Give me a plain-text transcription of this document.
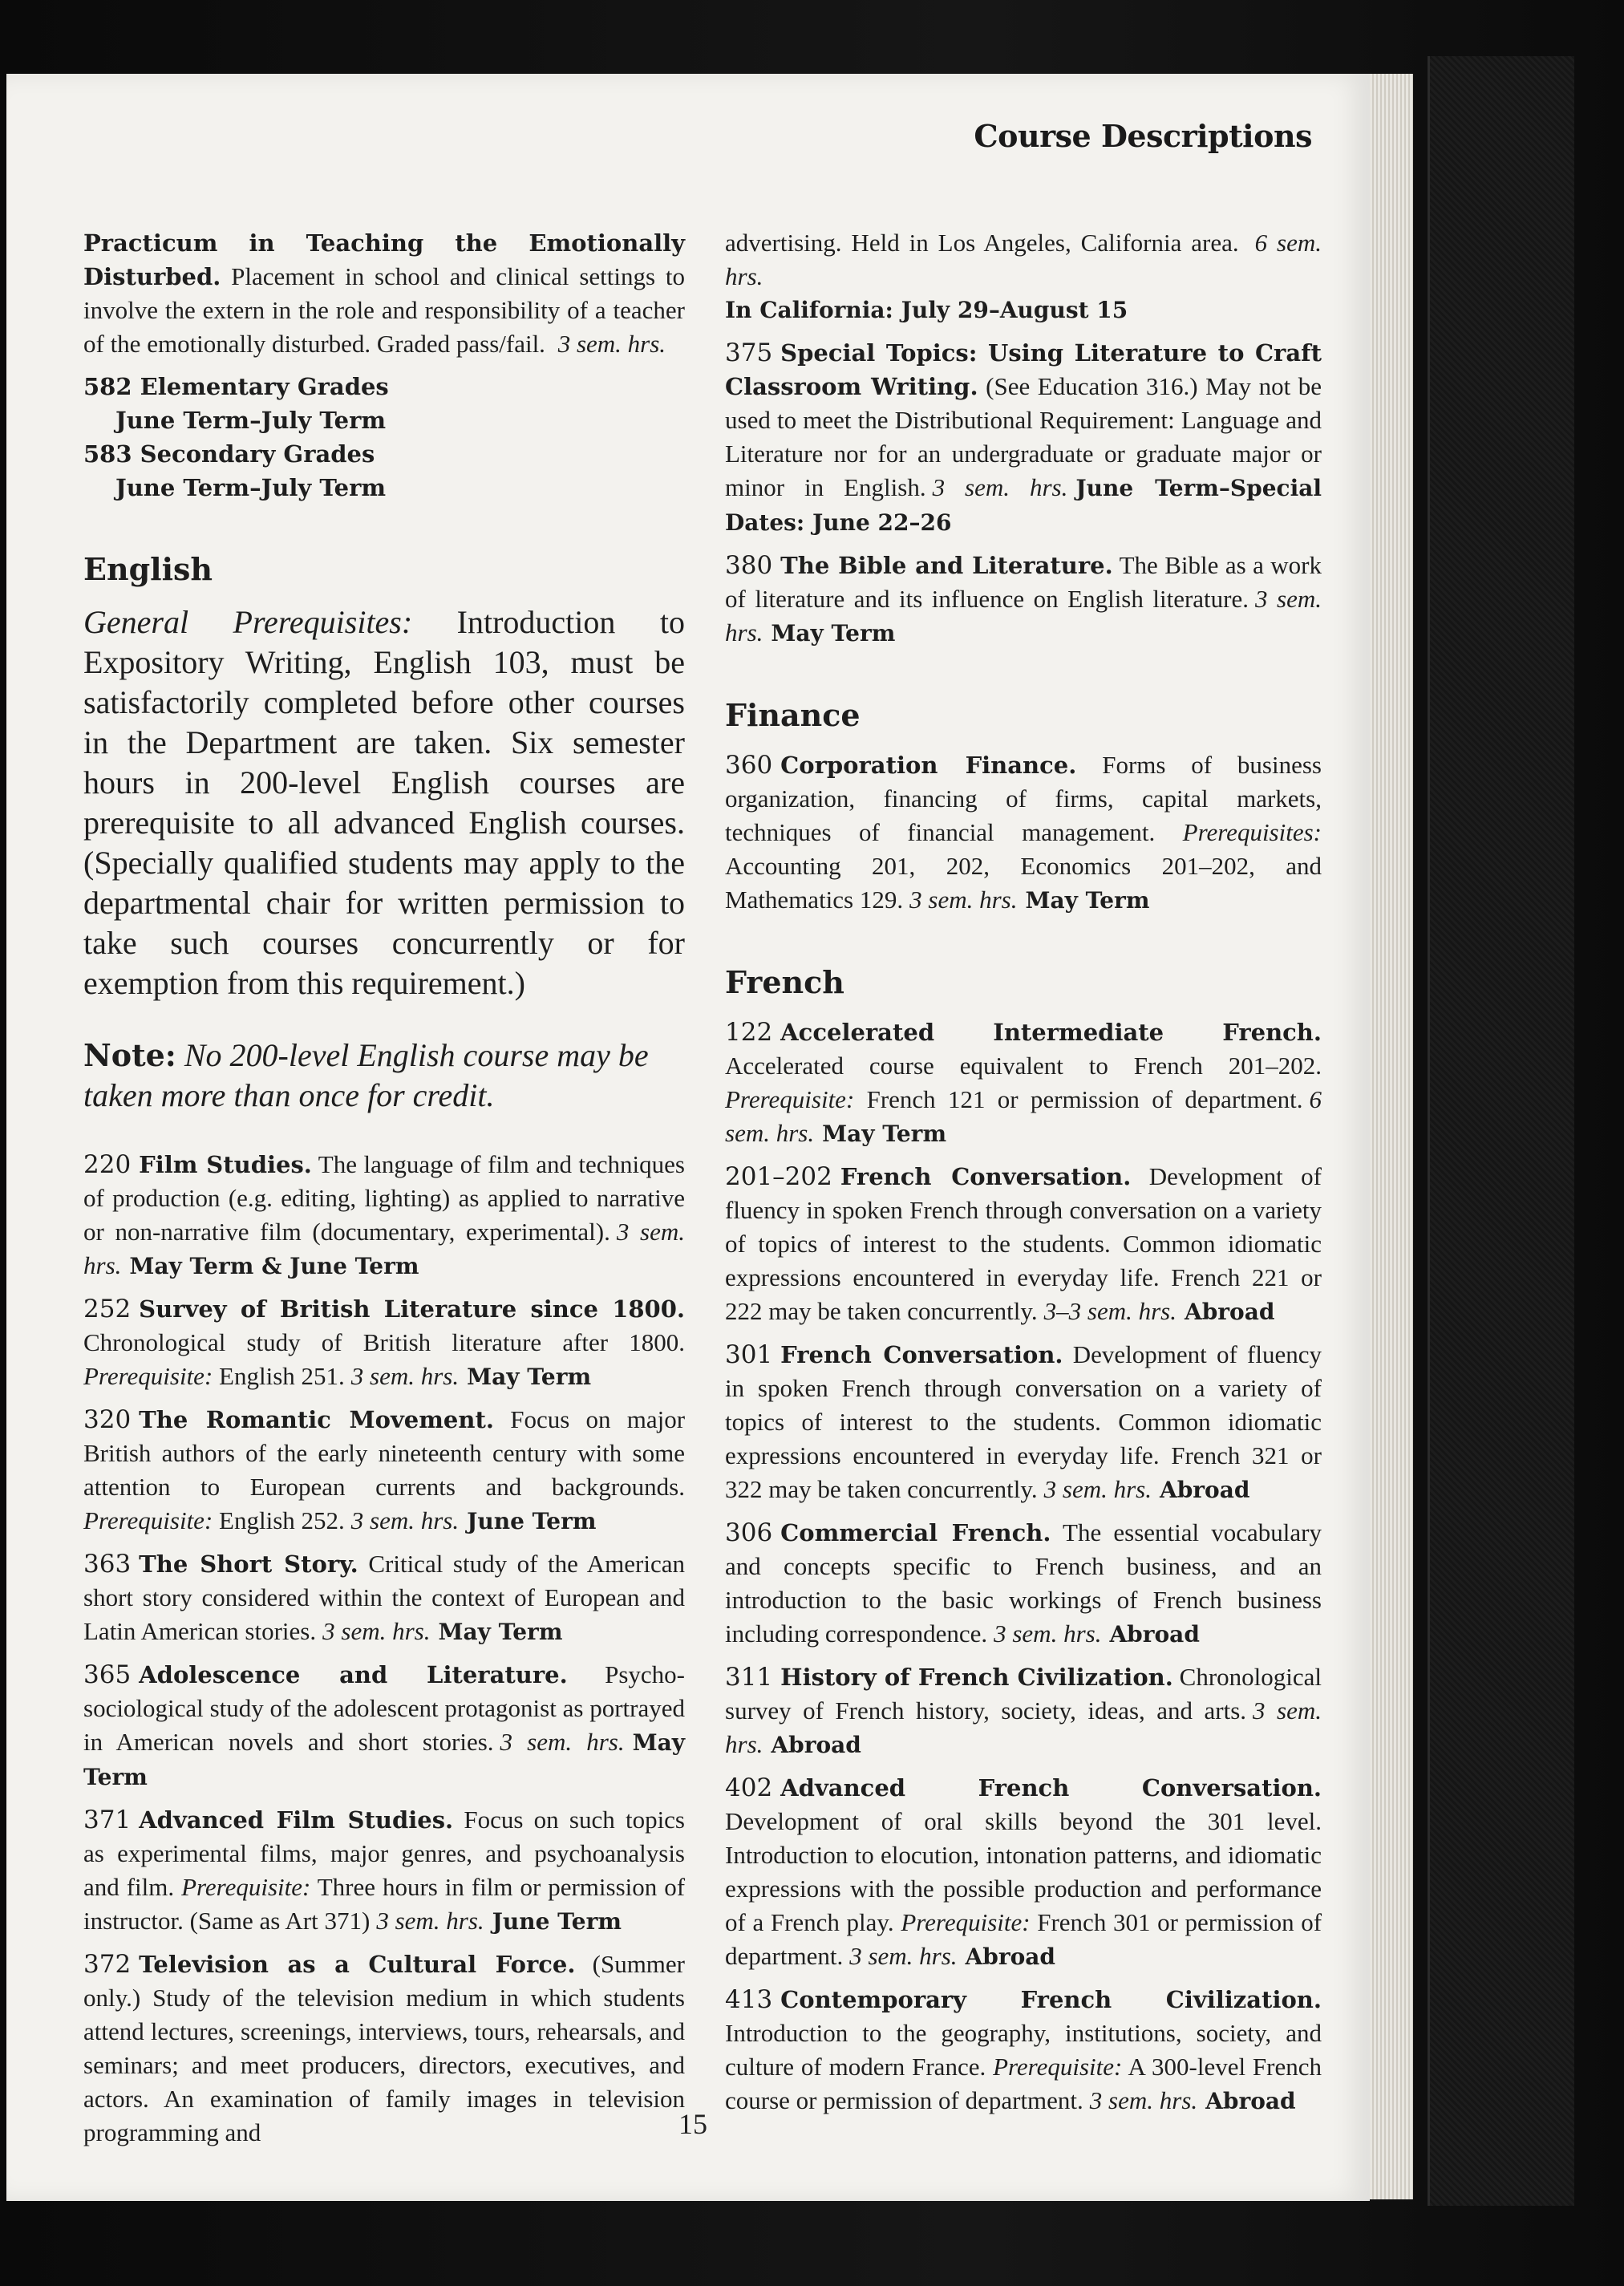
Course Descriptions

Practicum in Teaching the Emotionally Disturbed. Placement in school and clinical settings to involve the extern in the role and responsibility of a teacher of the emotionally disturbed. Graded pass/fail. 3 sem. hrs.

582 Elementary Grades

June Term–July Term

583 Secondary Grades

June Term–July Term

English

General Prerequisites: Introduction to Expository Writing, English 103, must be satisfactorily completed before other courses in the Department are taken. Six semester hours in 200-level English courses are prerequisite to all advanced English courses. (Specially qualified students may apply to the departmental chair for written permission to take such courses concurrently or for exemption from this requirement.)

Note: No 200-level English course may be taken more than once for credit.

220 Film Studies. The language of film and techniques of production (e.g. editing, lighting) as applied to narrative or non-narrative film (documentary, experimental). 3 sem. hrs. May Term & June Term

252 Survey of British Literature since 1800. Chronological study of British literature after 1800. Prerequisite: English 251. 3 sem. hrs. May Term

320 The Romantic Movement. Focus on major British authors of the early nineteenth century with some attention to European currents and backgrounds. Prerequisite: English 252. 3 sem. hrs. June Term

363 The Short Story. Critical study of the American short story considered within the context of European and Latin American stories. 3 sem. hrs. May Term

365 Adolescence and Literature. Psycho-sociological study of the adolescent protagonist as portrayed in American novels and short stories. 3 sem. hrs. May Term

371 Advanced Film Studies. Focus on such topics as experimental films, major genres, and psychoanalysis and film. Prerequisite: Three hours in film or permission of instructor. (Same as Art 371) 3 sem. hrs. June Term

372 Television as a Cultural Force. (Summer only.) Study of the television medium in which students attend lectures, screenings, interviews, tours, rehearsals, and seminars; and meet producers, directors, executives, and actors. An examination of family images in television programming and

advertising. Held in Los Angeles, California area. 6 sem. hrs.
In California: July 29–August 15

375 Special Topics: Using Literature to Craft Classroom Writing. (See Education 316.) May not be used to meet the Distributional Requirement: Language and Literature nor for an undergraduate or graduate major or minor in English. 3 sem. hrs. June Term–Special Dates: June 22–26

380 The Bible and Literature. The Bible as a work of literature and its influence on English literature. 3 sem. hrs. May Term

Finance

360 Corporation Finance. Forms of business organization, financing of firms, capital markets, techniques of financial management. Prerequisites: Accounting 201, 202, Economics 201–202, and Mathematics 129. 3 sem. hrs. May Term

French

122 Accelerated Intermediate French. Accelerated course equivalent to French 201–202. Prerequisite: French 121 or permission of department. 6 sem. hrs. May Term

201–202 French Conversation. Development of fluency in spoken French through conversation on a variety of topics of interest to the students. Common idiomatic expressions encountered in everyday life. French 221 or 222 may be taken concurrently. 3–3 sem. hrs. Abroad

301 French Conversation. Development of fluency in spoken French through conversation on a variety of topics of interest to the students. Common idiomatic expressions encountered in everyday life. French 321 or 322 may be taken concurrently. 3 sem. hrs. Abroad

306 Commercial French. The essential vocabulary and concepts specific to French business, and an introduction to the basic workings of French business including correspondence. 3 sem. hrs. Abroad

311 History of French Civilization. Chronological survey of French history, society, ideas, and arts. 3 sem. hrs. Abroad

402 Advanced French Conversation. Development of oral skills beyond the 301 level. Introduction to elocution, intonation patterns, and idiomatic expressions with the possible production and performance of a French play. Prerequisite: French 301 or permission of department. 3 sem. hrs. Abroad

413 Contemporary French Civilization. Introduction to the geography, institutions, society, and culture of modern France. Prerequisite: A 300-level French course or permission of department. 3 sem. hrs. Abroad

15
